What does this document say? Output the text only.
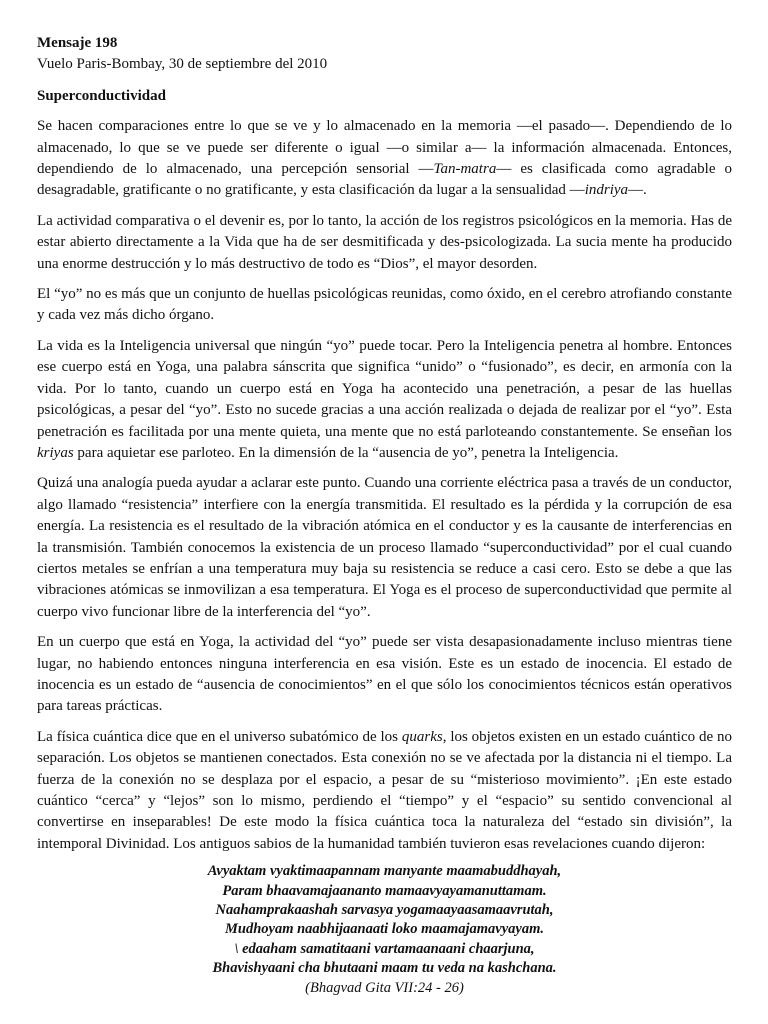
Mensaje 198

Vuelo Paris-Bombay, 30 de septiembre del 2010

Superconductividad

Se hacen comparaciones entre lo que se ve y lo almacenado en la memoria —el pasado—. Dependiendo de lo almacenado, lo que se ve puede ser diferente o igual —o similar a— la información almacenada. Entonces, dependiendo de lo almacenado, una percepción sensorial —Tan-matra— es clasificada como agradable o desagradable, gratificante o no gratificante, y esta clasificación da lugar a la sensualidad —indriya—.

La actividad comparativa o el devenir es, por lo tanto, la acción de los registros psicológicos en la memoria. Has de estar abierto directamente a la Vida que ha de ser desmitificada y des-psicologizada. La sucia mente ha producido una enorme destrucción y lo más destructivo de todo es “Dios”, el mayor desorden.

El “yo” no es más que un conjunto de huellas psicológicas reunidas, como óxido, en el cerebro atrofiando constante y cada vez más dicho órgano.

La vida es la Inteligencia universal que ningún “yo” puede tocar. Pero la Inteligencia penetra al hombre. Entonces ese cuerpo está en Yoga, una palabra sánscrita que significa “unido” o “fusionado”, es decir, en armonía con la vida. Por lo tanto, cuando un cuerpo está en Yoga ha acontecido una penetración, a pesar de las huellas psicológicas, a pesar del “yo”. Esto no sucede gracias a una acción realizada o dejada de realizar por el “yo”. Esta penetración es facilitada por una mente quieta, una mente que no está parloteando constantemente. Se enseñan los kriyas para aquietar ese parloteo. En la dimensión de la “ausencia de yo”, penetra la Inteligencia.

Quizá una analogía pueda ayudar a aclarar este punto. Cuando una corriente eléctrica pasa a través de un conductor, algo llamado “resistencia” interfiere con la energía transmitida. El resultado es la pérdida y la corrupción de esa energía. La resistencia es el resultado de la vibración atómica en el conductor y es la causante de interferencias en la transmisión. También conocemos la existencia de un proceso llamado “superconductividad” por el cual cuando ciertos metales se enfrían a una temperatura muy baja su resistencia se reduce a casi cero. Esto se debe a que las vibraciones atómicas se inmovilizan a esa temperatura. El Yoga es el proceso de superconductividad que permite al cuerpo vivo funcionar libre de la interferencia del “yo”.

En un cuerpo que está en Yoga, la actividad del “yo” puede ser vista desapasionadamente incluso mientras tiene lugar, no habiendo entonces ninguna interferencia en esa visión. Este es un estado de inocencia. El estado de inocencia es un estado de “ausencia de conocimientos” en el que sólo los conocimientos técnicos están operativos para tareas prácticas.

La física cuántica dice que en el universo subatómico de los quarks, los objetos existen en un estado cuántico de no separación. Los objetos se mantienen conectados. Esta conexión no se ve afectada por la distancia ni el tiempo. La fuerza de la conexión no se desplaza por el espacio, a pesar de su “misterioso movimiento”. ¡En este estado cuántico “cerca” y “lejos” son lo mismo, perdiendo el “tiempo” y el “espacio” su sentido convencional al convertirse en inseparables! De este modo la física cuántica toca la naturaleza del “estado sin división”, la intemporal Divinidad. Los antiguos sabios de la humanidad también tuvieron esas revelaciones cuando dijeron:

Avyaktam vyaktimaapannam manyante maamabuddhayah,
Param bhaavamajaananto mamaavyayamanuttamam.
Naahamprakaashah sarvasya yogamaayaasamaavrutah,
Mudhoyam naabhijaanaati loko maamajamavyayam.
\ edaaham samatitaani vartamaanaani chaarjuna,
Bhavishyaani cha bhutaani maam tu veda na kashchana.
(Bhagvad Gita VII:24 - 26)
